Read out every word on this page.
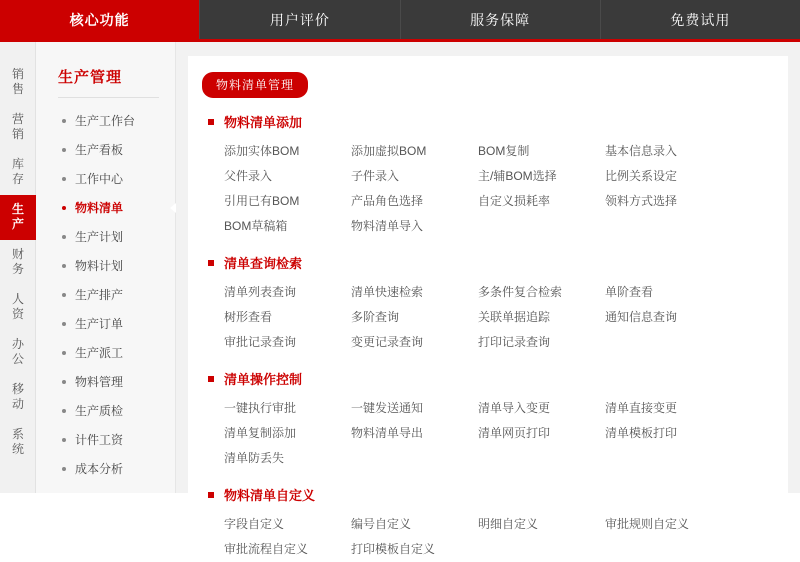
核心功能	用户评价	服务保障	免费试用
销
售
营
销
库
存
生
产
财
务
人
资
办
公
移
动
系
统
生产管理
生产工作台
生产看板
工作中心
物料清单
生产计划
物料计划
生产排产
生产订单
生产派工
物料管理
生产质检
计件工资
成本分析
物料清单管理
物料清单添加
添加实体BOM	添加虚拟BOM	BOM复制	基本信息录入
父件录入	子件录入	主/辅BOM选择	比例关系设定
引用已有BOM	产品角色选择	自定义损耗率	领料方式选择
BOM草稿箱	物料清单导入
清单查询检索
清单列表查询	清单快速检索	多条件复合检索	单阶查看
树形查看	多阶查询	关联单据追踪	通知信息查询
审批记录查询	变更记录查询	打印记录查询
清单操作控制
一键执行审批	一键发送通知	清单导入变更	清单直接变更
清单复制添加	物料清单导出	清单网页打印	清单模板打印
清单防丢失
物料清单自定义
字段自定义	编号自定义	明细自定义	审批规则自定义
审批流程自定义	打印模板自定义
